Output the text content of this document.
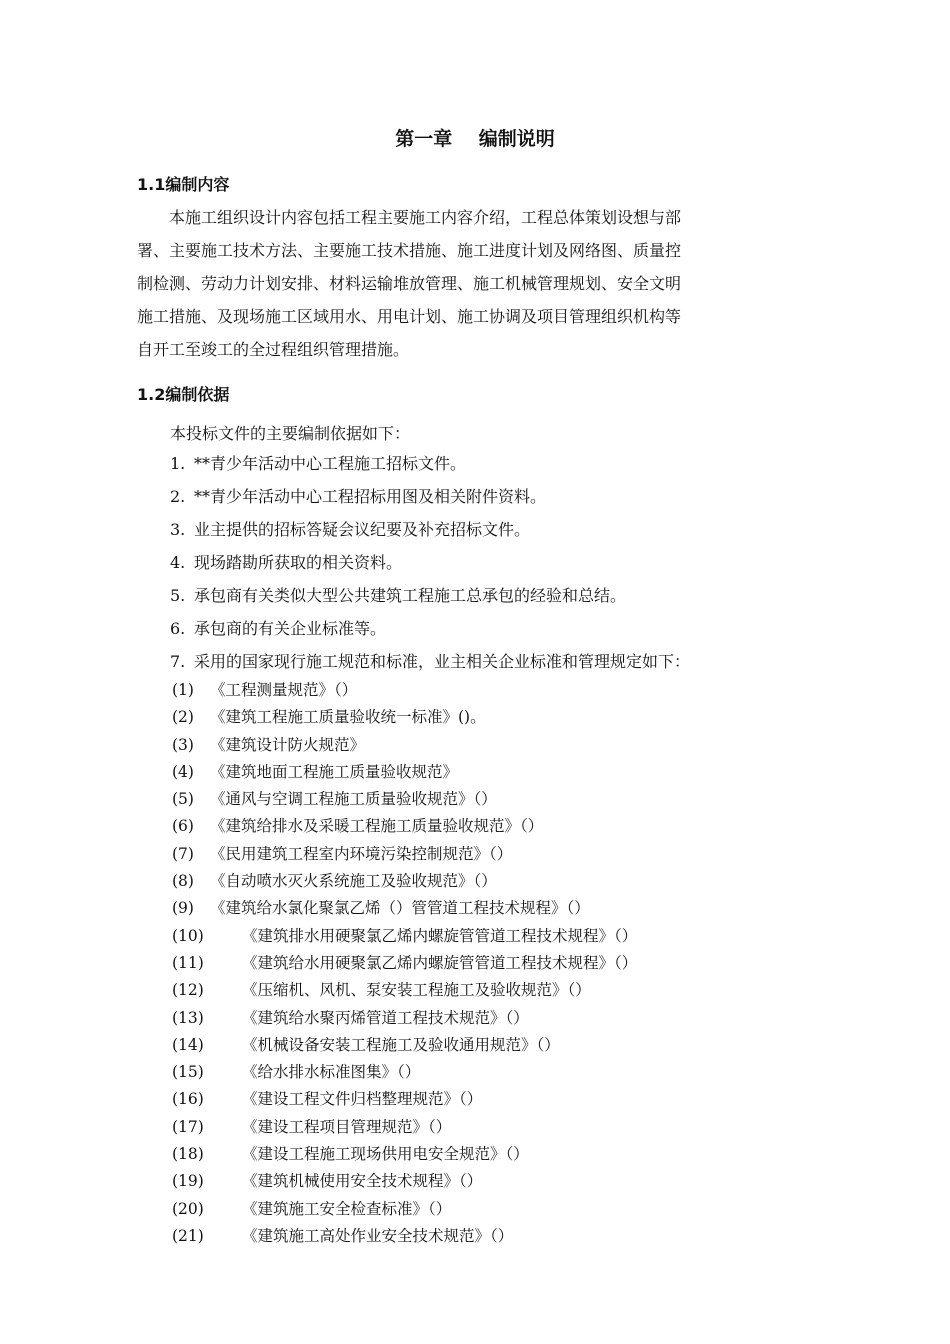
第一章    编制说明
1.1编制内容

本施工组织设计内容包括工程主要施工内容介绍，工程总体策划设想与部
署、主要施工技术方法、主要施工技术措施、施工进度计划及网络图、质量控
制检测、劳动力计划安排、材料运输堆放管理、施工机械管理规划、安全文明
施工措施、及现场施工区域用水、用电计划、施工协调及项目管理组织机构等
自开工至竣工的全过程组织管理措施。

1.2编制依据
本投标文件的主要编制依据如下：
1. **青少年活动中心工程施工招标文件。
2. **青少年活动中心工程招标用图及相关附件资料。
3. 业主提供的招标答疑会议纪要及补充招标文件。
4. 现场踏勘所获取的相关资料。
5. 承包商有关类似大型公共建筑工程施工总承包的经验和总结。
6. 承包商的有关企业标准等。
7. 采用的国家现行施工规范和标准，业主相关企业标准和管理规定如下：
(1) 《工程测量规范》（）
(2) 《建筑工程施工质量验收统一标准》()。
(3) 《建筑设计防火规范》
(4) 《建筑地面工程施工质量验收规范》
(5) 《通风与空调工程施工质量验收规范》（）
(6) 《建筑给排水及采暖工程施工质量验收规范》（）
(7) 《民用建筑工程室内环境污染控制规范》（）
(8) 《自动喷水灭火系统施工及验收规范》（）
(9) 《建筑给水氯化聚氯乙烯（）管管道工程技术规程》（）
(10) 《建筑排水用硬聚氯乙烯内螺旋管管道工程技术规程》（）
(11) 《建筑给水用硬聚氯乙烯内螺旋管管道工程技术规程》（）
(12) 《压缩机、风机、泵安装工程施工及验收规范》（）
(13) 《建筑给水聚丙烯管道工程技术规范》（）
(14) 《机械设备安装工程施工及验收通用规范》（）
(15) 《给水排水标准图集》（）
(16) 《建设工程文件归档整理规范》（）
(17) 《建设工程项目管理规范》（）
(18) 《建设工程施工现场供用电安全规范》（）
(19) 《建筑机械使用安全技术规程》（）
(20) 《建筑施工安全检查标准》（）
(21) 《建筑施工高处作业安全技术规范》（）
